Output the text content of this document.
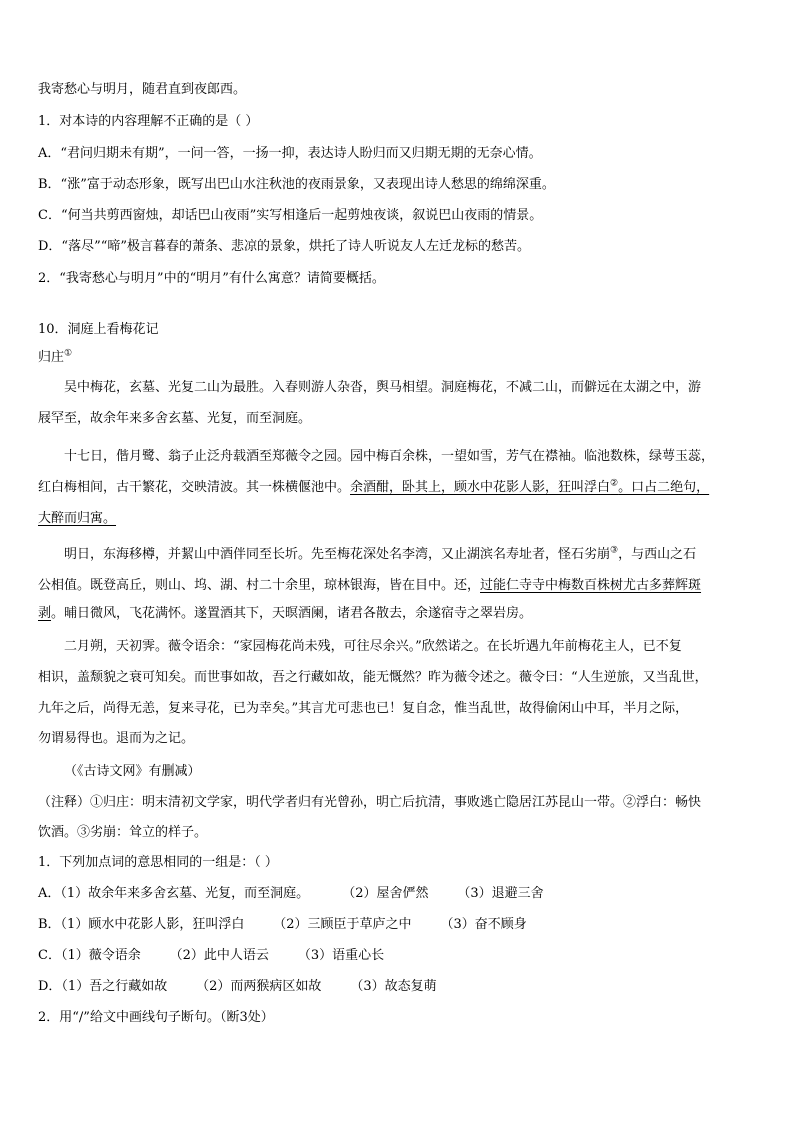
我寄愁心与明月，随君直到夜郎西。
1．对本诗的内容理解不正确的是（ ）
A．“君问归期未有期”，一问一答，一扬一抑，表达诗人盼归而又归期无期的无奈心情。
B．“涨”富于动态形象，既写出巴山水注秋池的夜雨景象，又表现出诗人愁思的绵绵深重。
C．“何当共剪西窗烛，却话巴山夜雨”实写相逢后一起剪烛夜谈，叙说巴山夜雨的情景。
D．“落尽”“啼”极言暮春的萧条、悲凉的景象，烘托了诗人听说友人左迁龙标的愁苦。
2．“我寄愁心与明月”中的“明月”有什么寓意？请简要概括。
10．洞庭上看梅花记
归庄①
吴中梅花，玄墓、光复二山为最胜。入春则游人杂沓，舆马相望。洞庭梅花，不减二山，而僻远在太湖之中，游
屐罕至，故余年来多舍玄墓、光复，而至洞庭。
十七日，偕月鹭、翁子止泛舟载酒至郑薇令之园。园中梅百余株，一望如雪，芳气在襟袖。临池数株，绿萼玉蕊，
红白梅相间，古干繁花，交映清波。其一株横偃池中。余酒酣，卧其上，顾水中花影人影，狂叫浮白②。口占二绝句，
大醉而归寓。
明日，东海移樽，并絜山中酒伴同至长圻。先至梅花深处名李湾，又止湖滨名寿址者，怪石劣崩③，与西山之石
公相值。既登高丘，则山、坞、湖、村二十余里，琼林银海，皆在目中。还，过能仁寺寺中梅数百株树尤古多葬辉斑
剥。晡日微风，飞花满怀。遂置酒其下，天暝酒阑，诸君各散去，余遂宿寺之翠岩房。
二月朔，天初霁。薇令语余：“家园梅花尚未残，可往尽余兴。”欣然诺之。在长圻遇九年前梅花主人，已不复
相识，盖颓貌之衰可知矣。而世事如故，吾之行藏如故，能无慨然？昨为薇令述之。薇令曰：“人生逆旅，又当乱世，
九年之后，尚得无恙，复来寻花，已为幸矣。”其言尤可悲也已！复自念，惟当乱世，故得偷闲山中耳，半月之际，
勿谓易得也。退而为之记。
（《古诗文网》有删减）
（注释）①归庄：明末清初文学家，明代学者归有光曾孙，明亡后抗清，事败逃亡隐居江苏昆山一带。②浮白：畅快
饮酒。③劣崩：耸立的样子。
1．下列加点词的意思相同的一组是：（ ）
A．（1）故余年来多舍玄墓、光复，而至洞庭。        （2）屋舍俨然       （3）退避三舍
B．（1）顾水中花影人影，狂叫浮白       （2）三顾臣于草庐之中       （3）奋不顾身
C．（1）薇令语余       （2）此中人语云       （3）语重心长
D．（1）吾之行藏如故       （2）而两猴病区如故       （3）故态复萌
2．用“/”给文中画线句子断句。（断3处）
